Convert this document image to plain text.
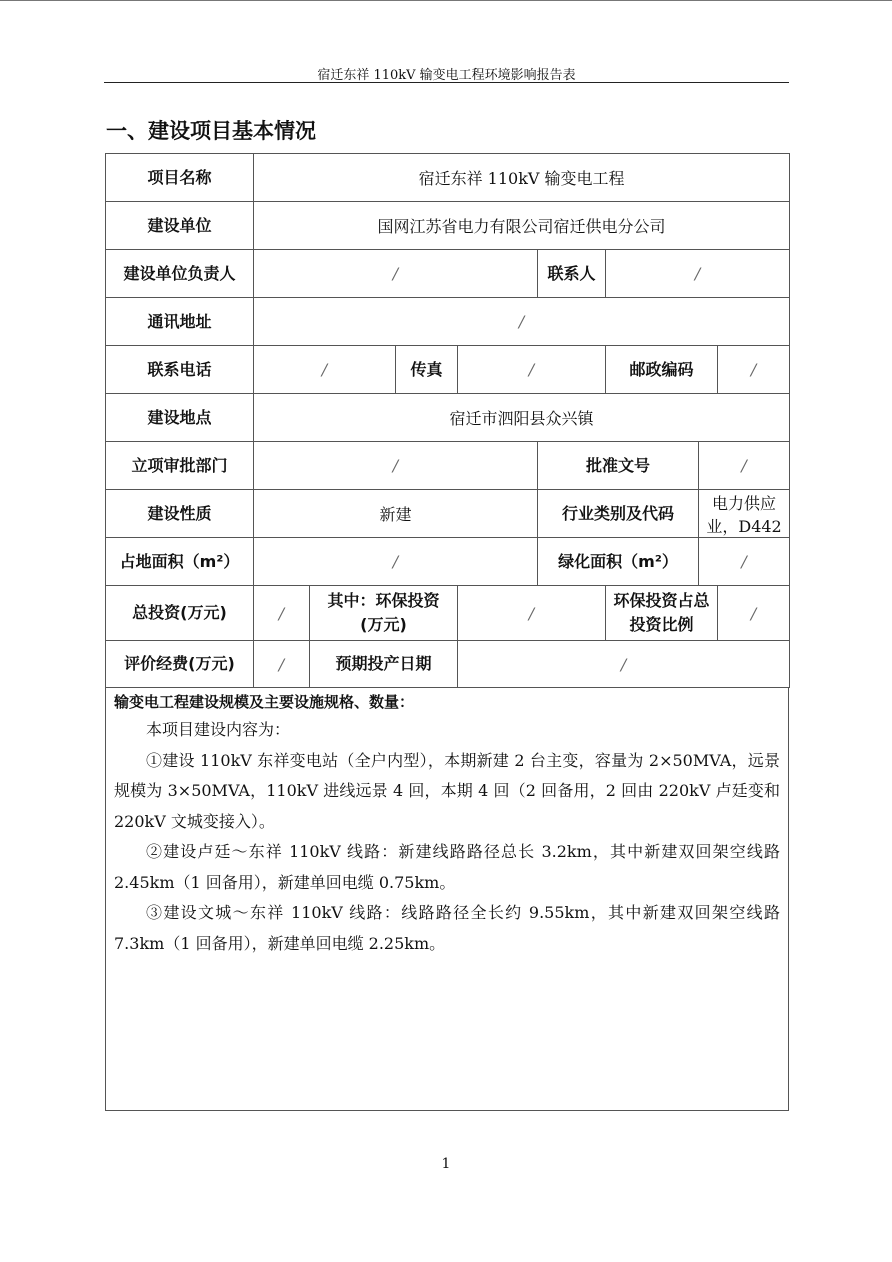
宿迁东祥 110kV 输变电工程环境影响报告表
一、建设项目基本情况
项目名称	宿迁东祥 110kV 输变电工程							
建设单位	国网江苏省电力有限公司宿迁供电分公司							
建设单位负责人	/				联系人	/		
通讯地址	/							
联系电话	/		传真	/		邮政编码		/
建设地点	宿迁市泗阳县众兴镇							
立项审批部门	/				批准文号		/	
建设性质	新建				行业类别及代码		电力供应业，D442	
占地面积（m²）	/				绿化面积（m²）		/	
总投资(万元)	/	其中：环保投资(万元)		/		环保投资占总投资比例		/
评价经费(万元)	/	预期投产日期		/				
输变电工程建设规模及主要设施规格、数量：

本项目建设内容为：

①建设 110kV 东祥变电站（全户内型），本期新建 2 台主变，容量为 2×50MVA，远景规模为 3×50MVA，110kV 进线远景 4 回，本期 4 回（2 回备用，2 回由 220kV 卢廷变和 220kV 文城变接入）。

②建设卢廷～东祥 110kV 线路：新建线路路径总长 3.2km，其中新建双回架空线路 2.45km（1 回备用），新建单回电缆 0.75km。

③建设文城～东祥 110kV 线路：线路路径全长约 9.55km，其中新建双回架空线路 7.3km（1 回备用），新建单回电缆 2.25km。

1
